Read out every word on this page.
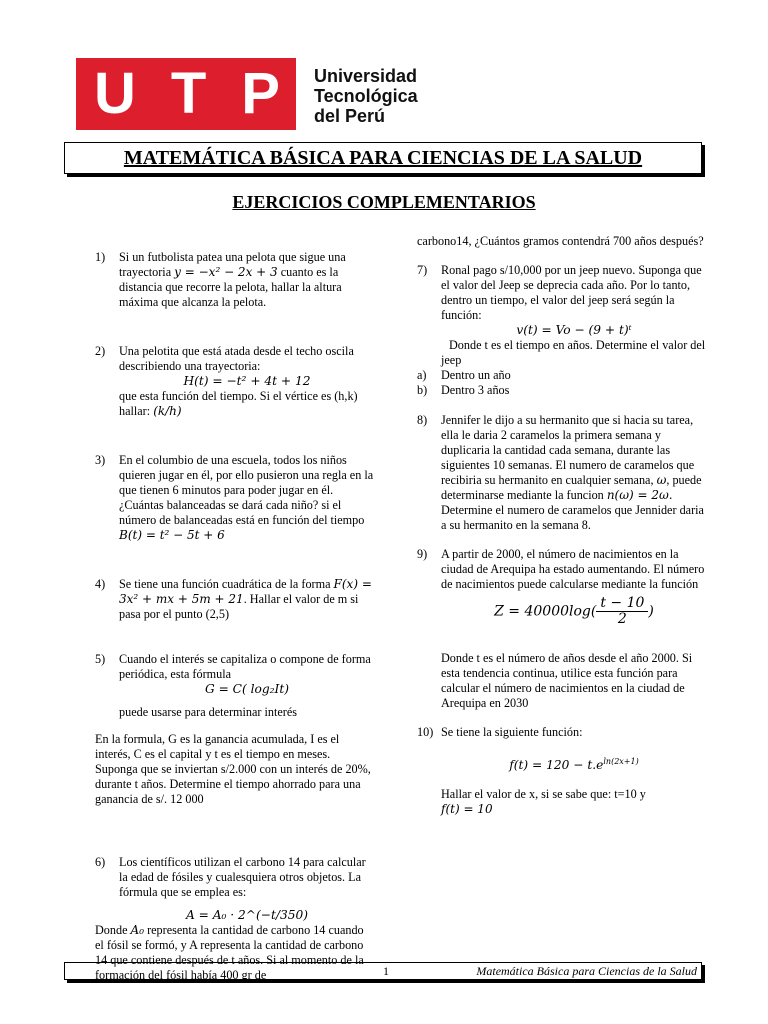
U T P Universidad
Tecnológica
del Perú
MATEMÁTICA BÁSICA PARA CIENCIAS DE LA SALUD
EJERCICIOS COMPLEMENTARIOS
1)	Si un futbolista patea una pelota que sigue una trayectoria y = −x² − 2x + 3 cuanto es la distancia que recorre la pelota, hallar la altura máxima que alcanza la pelota.
2)	Una pelotita que está atada desde el techo oscila describiendo una trayectoria:
H(t) = −t² + 4t + 12
que esta función del tiempo. Si el vértice es (h,k) hallar: (k/h)
3)	En el columbio de una escuela, todos los niños quieren jugar en él, por ello pusieron una regla en la que tienen 6 minutos para poder jugar en él. ¿Cuántas balanceadas se dará cada niño? si el número de balanceadas está en función del tiempo B(t) = t² − 5t + 6
4)	Se tiene una función cuadrática de la forma F(x) = 3x² + mx + 5m + 21. Hallar el valor de m si pasa por el punto (2,5)
5)	Cuando el interés se capitaliza o compone de forma periódica, esta fórmula
G = C( log₂It)
puede usarse para determinar interés
En la formula, G es la ganancia acumulada, I es el interés, C es el capital y t es el tiempo en meses. Suponga que se inviertan s/2.000 con un interés de 20%, durante t años. Determine el tiempo ahorrado para una ganancia de s/. 12 000
6)	Los científicos utilizan el carbono 14 para calcular la edad de fósiles y cualesquiera otros objetos. La fórmula que se emplea es:
A = A₀ · 2^(−t/350)
Donde A₀ representa la cantidad de carbono 14 cuando el fósil se formó, y A representa la cantidad de carbono 14 que contiene después de t años. Si al momento de la formación del fósil había 400 gr de
carbono14, ¿Cuántos gramos contendrá 700 años después?
7)	Ronal pago s/10,000 por un jeep nuevo. Suponga que el valor del Jeep se deprecia cada año. Por lo tanto, dentro un tiempo, el valor del jeep será según la función:
v(t) = Vo − (9 + t)ᵗ
Donde t es el tiempo en años. Determine el valor del jeep
a)	Dentro un año
b)	Dentro 3 años
8)	Jennifer le dijo a su hermanito que si hacia su tarea, ella le daria 2 caramelos la primera semana y duplicaria la cantidad cada semana, durante las siguientes 10 semanas. El numero de caramelos que recibiria su hermanito en cualquier semana, ω, puede determinarse mediante la funcion n(ω) = 2ω.
Determine el numero de caramelos que Jennider daria a su hermanito en la semana 8.
9)	A partir de 2000, el número de nacimientos en la ciudad de Arequipa ha estado aumentando. El número de nacimientos puede calcularse mediante la función
$Z = 40000\log( \frac{t - 10}{2}$ )
Donde t es el número de años desde el año 2000. Si esta tendencia continua, utilice esta función para calcular el número de nacimientos en la ciudad de Arequipa en 2030
10) Se tiene la siguiente función:
$f(t) = 120 - t.e^{ln(2x+1)}$
Hallar el valor de x, si se sabe que: t=10 y
f(t) = 10
1	Matemática Básica para Ciencias de la Salud
